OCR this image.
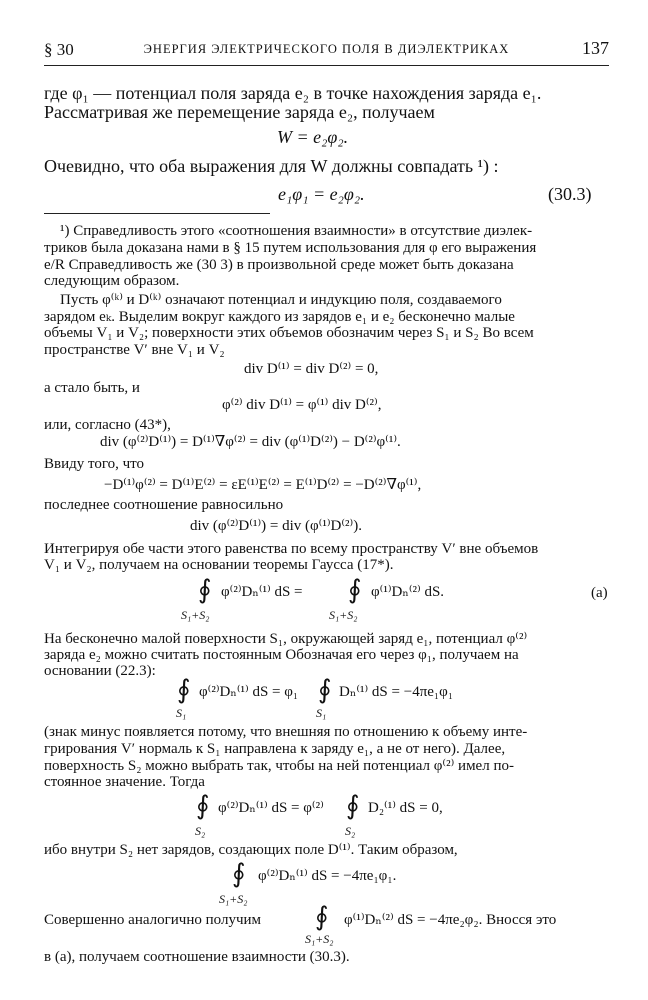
§ 30	ЭНЕРГИЯ ЭЛЕКТРИЧЕСКОГО ПОЛЯ В ДИЭЛЕКТРИКАХ	137
где φ₁ — потенциал поля заряда e₂ в точке нахождения заряда e₁.
Рассматривая же перемещение заряда e₂, получаем
W = e₂φ₂.
Очевидно, что оба выражения для W должны совпадать ¹) :
e₁φ₁ = e₂φ₂.	(30.3)
¹) Справедливость этого «соотношения взаимности» в отсутствие диэлек-
триков была доказана нами в § 15 путем использования для φ его выражения
e/R Справедливость же (30 3) в произвольной среде может быть доказана
следующим образом.
Пусть φ⁽ᵏ⁾ и D⁽ᵏ⁾ означают потенциал и индукцию поля, создаваемого
зарядом eₖ. Выделим вокруг каждого из зарядов e₁ и e₂ бесконечно малые
объемы V₁ и V₂; поверхности этих объемов обозначим через S₁ и S₂ Во всем
пространстве V′ вне V₁ и V₂
div D⁽¹⁾ = div D⁽²⁾ = 0,
а стало быть, и
φ⁽²⁾ div D⁽¹⁾ = φ⁽¹⁾ div D⁽²⁾,
или, согласно (43*),
div (φ⁽²⁾D⁽¹⁾) = D⁽¹⁾∇φ⁽²⁾ = div (φ⁽¹⁾D⁽²⁾) − D⁽²⁾φ⁽¹⁾.
Ввиду того, что
−D⁽¹⁾φ⁽²⁾ = D⁽¹⁾E⁽²⁾ = εE⁽¹⁾E⁽²⁾ = E⁽¹⁾D⁽²⁾ = −D⁽²⁾∇φ⁽¹⁾,
последнее соотношение равносильно
div (φ⁽²⁾D⁽¹⁾) = div (φ⁽¹⁾D⁽²⁾).
Интегрируя обе части этого равенства по всему пространству V′ вне объемов
V₁ и V₂, получаем на основании теоремы Гаусса (17*).
∮ φ⁽²⁾Dₙ⁽¹⁾ dS = ∮ φ⁽¹⁾Dₙ⁽²⁾ dS.
S₁+S₂	S₁+S₂
(a)
На бесконечно малой поверхности S₁, окружающей заряд e₁, потенциал φ⁽²⁾
заряда e₂ можно считать постоянным Обозначая его через φ₁, получаем на
основании (22.3):
∮ φ⁽²⁾Dₙ⁽¹⁾ dS = φ₁ ∮ Dₙ⁽¹⁾ dS = −4πe₁φ₁
S₁	S₁
(знак минус появляется потому, что внешняя по отношению к объему инте-
грирования V′ нормаль к S₁ направлена к заряду e₁, а не от него). Далее,
поверхность S₂ можно выбрать так, чтобы на ней потенциал φ⁽²⁾ имел по-
стоянное значение. Тогда
∮ φ⁽²⁾Dₙ⁽¹⁾ dS = φ⁽²⁾ ∮ D₂⁽¹⁾ dS = 0,
S₂	S₂
ибо внутри S₂ нет зарядов, создающих поле D⁽¹⁾. Таким образом,
∮ φ⁽²⁾Dₙ⁽¹⁾ dS = −4πe₁φ₁.
S₁+S₂
Совершенно аналогично получим ∮ φ⁽¹⁾Dₙ⁽²⁾ dS = −4πe₂φ₂. Вносся это
S₁+S₂
в (a), получаем соотношение взаимности (30.3).
